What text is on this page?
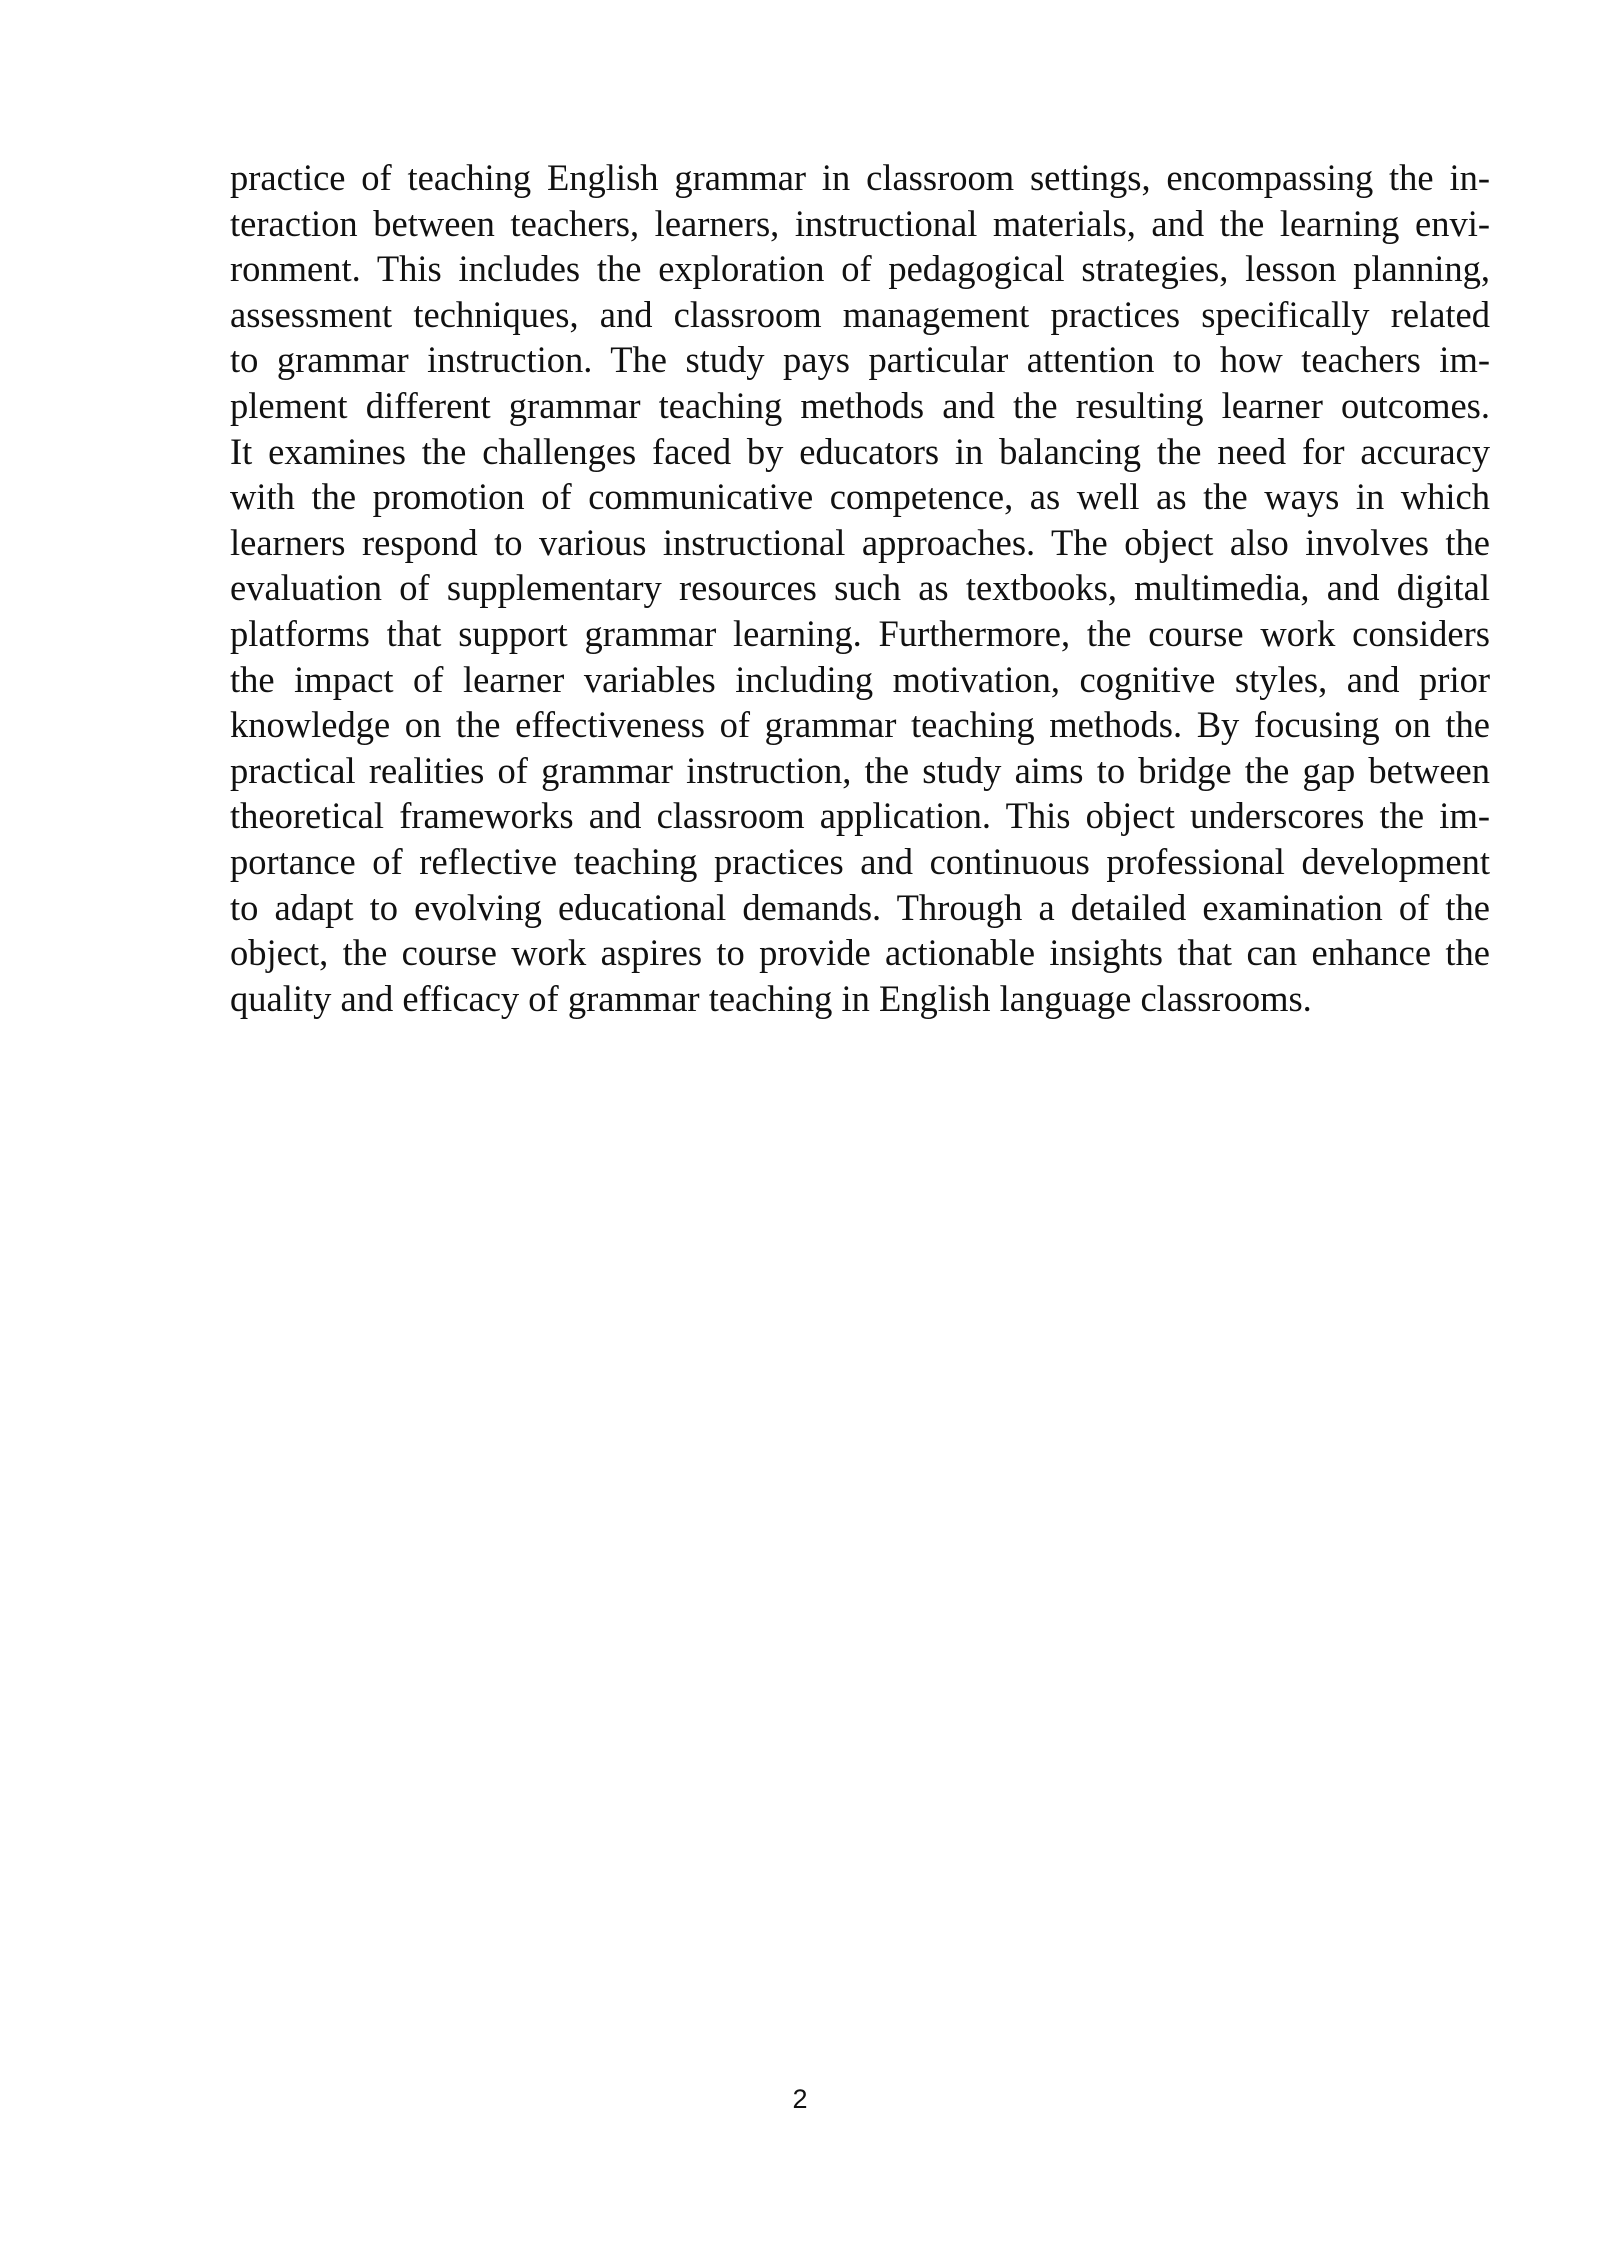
practice of teaching English grammar in classroom settings, encompassing the in-
teraction between teachers, learners, instructional materials, and the learning envi-
ronment. This includes the exploration of pedagogical strategies, lesson planning,
assessment techniques, and classroom management practices specifically related
to grammar instruction. The study pays particular attention to how teachers im-
plement different grammar teaching methods and the resulting learner outcomes.
It examines the challenges faced by educators in balancing the need for accuracy
with the promotion of communicative competence, as well as the ways in which
learners respond to various instructional approaches. The object also involves the
evaluation of supplementary resources such as textbooks, multimedia, and digital
platforms that support grammar learning. Furthermore, the course work considers
the impact of learner variables including motivation, cognitive styles, and prior
knowledge on the effectiveness of grammar teaching methods. By focusing on the
practical realities of grammar instruction, the study aims to bridge the gap between
theoretical frameworks and classroom application. This object underscores the im-
portance of reflective teaching practices and continuous professional development
to adapt to evolving educational demands. Through a detailed examination of the
object, the course work aspires to provide actionable insights that can enhance the
quality and efficacy of grammar teaching in English language classrooms.

2
